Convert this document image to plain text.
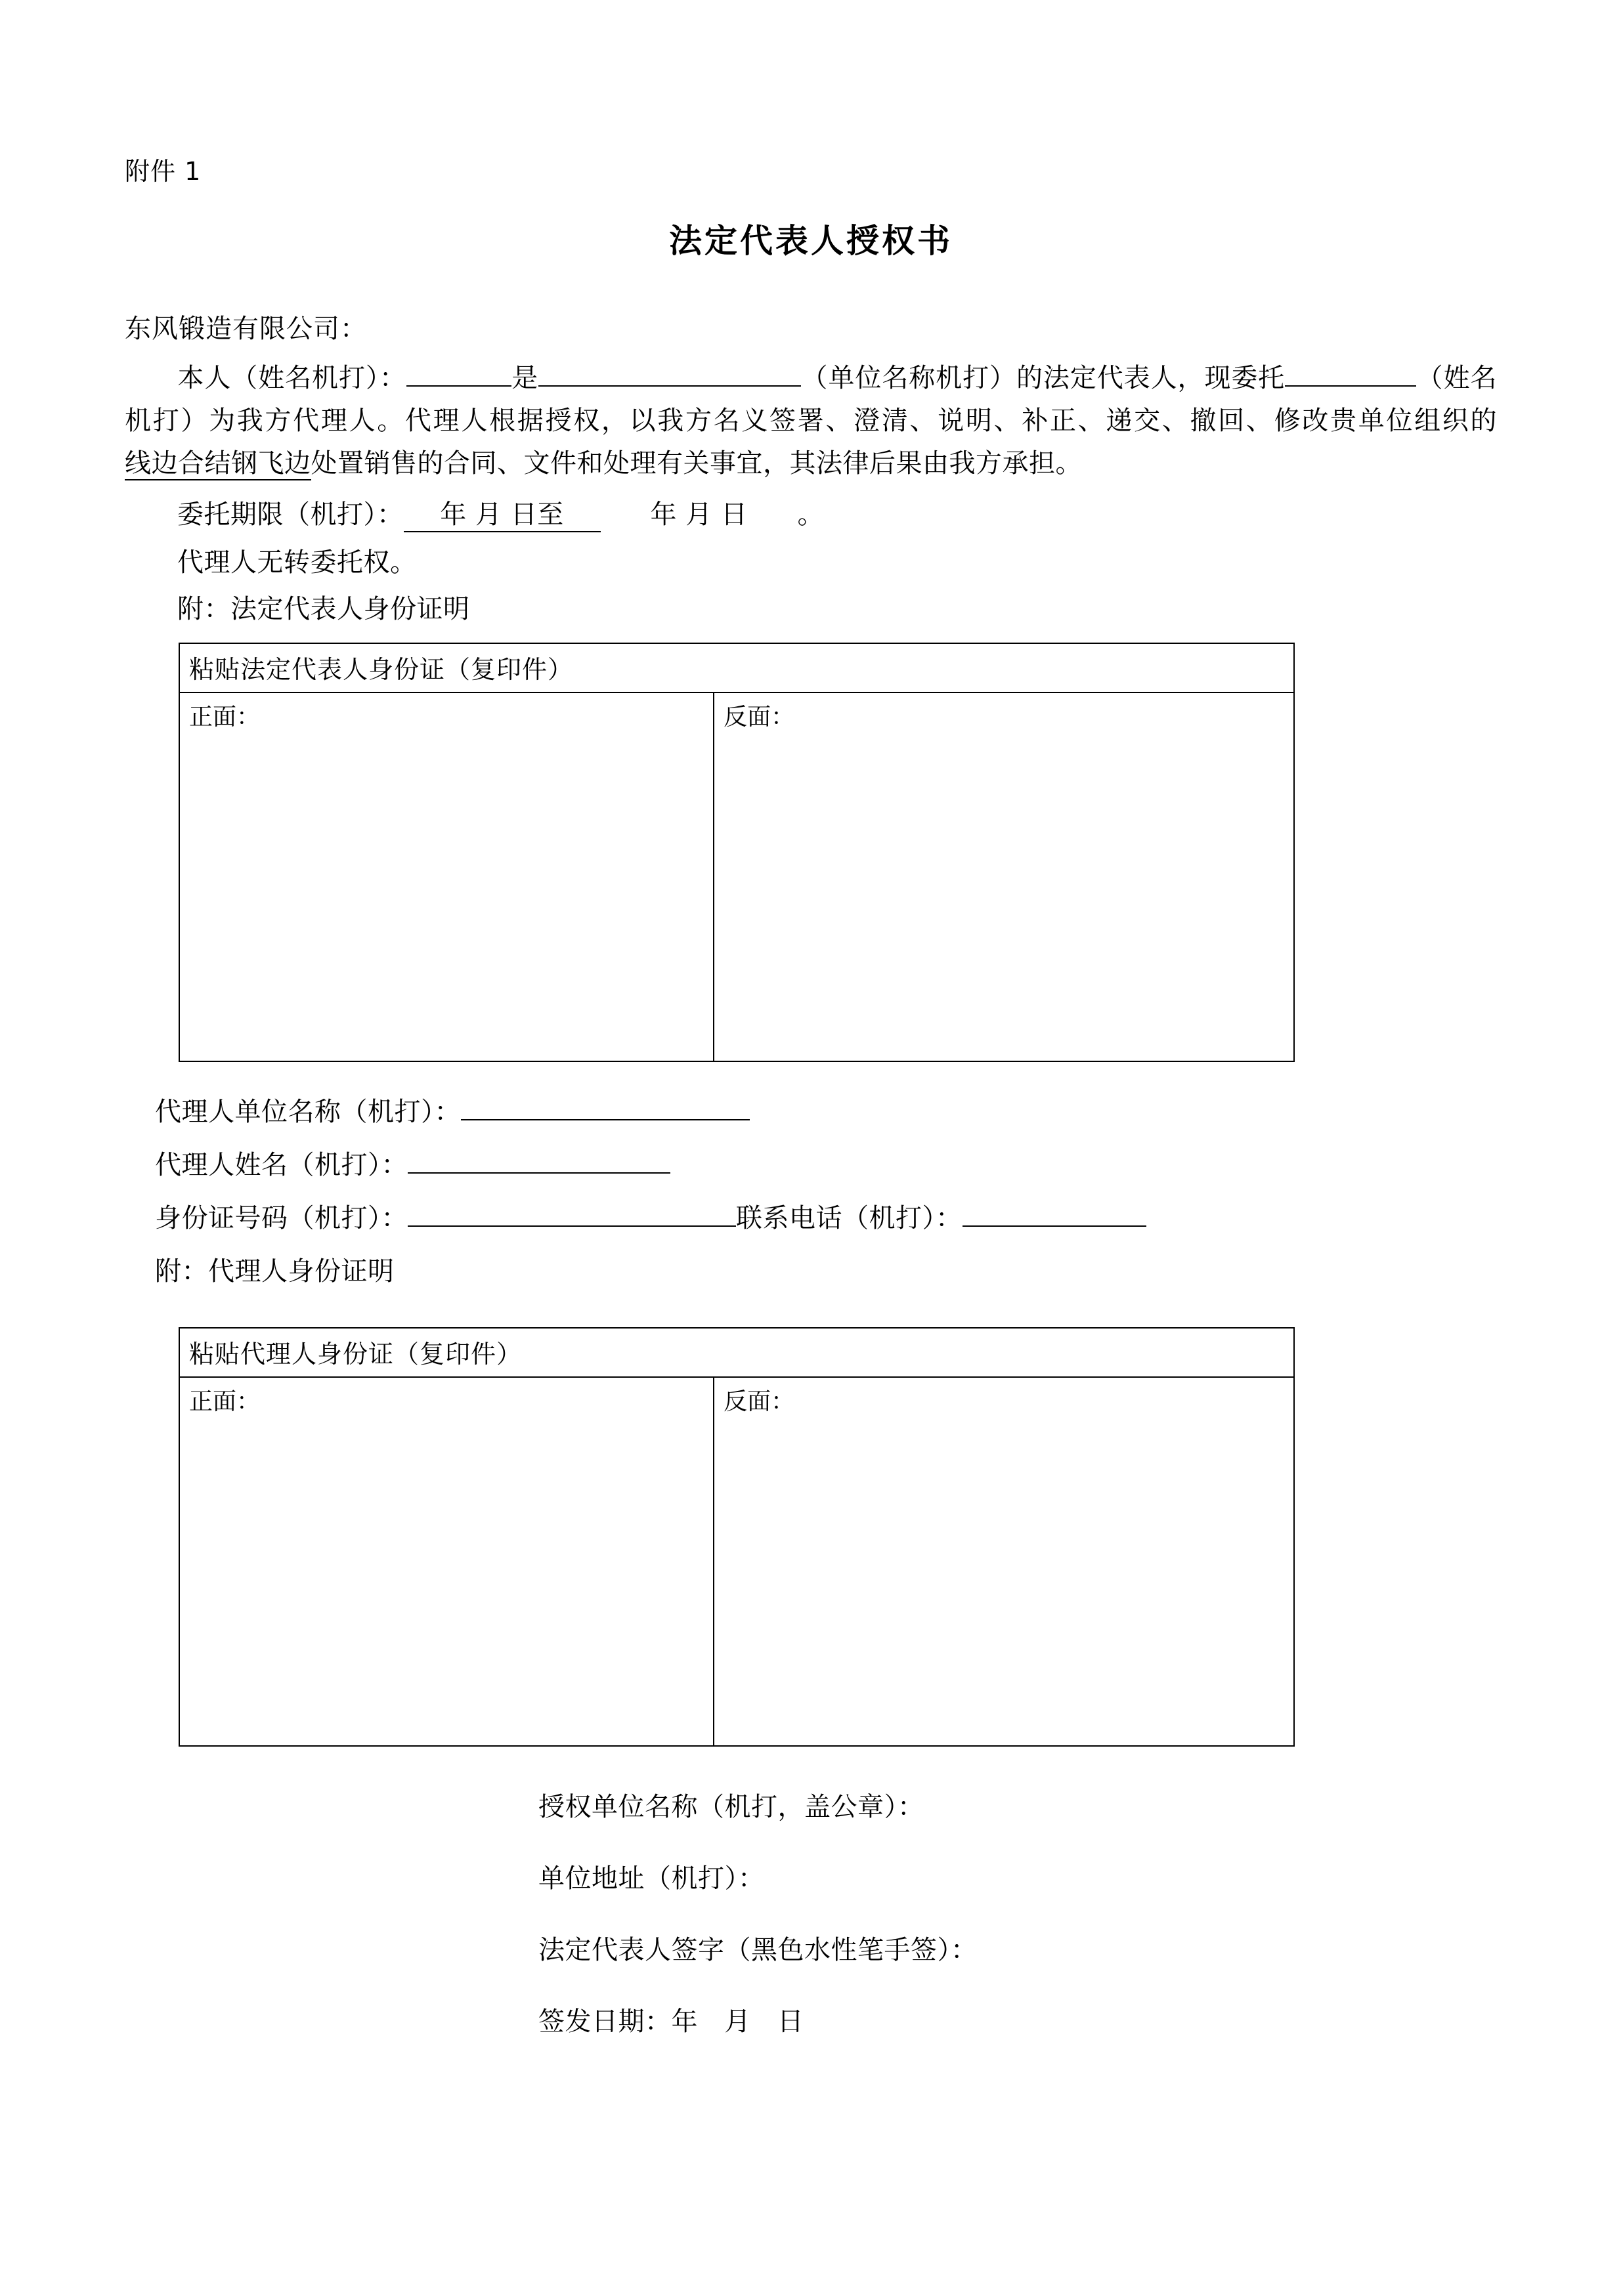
附件 1
法定代表人授权书
东风锻造有限公司：
本人（姓名机打）：	是	（单位名称机打）的法定代表人，现委托	（姓名机打）为我方代理人。代理人根据授权，以我方名义签署、澄清、说明、补正、递交、撤回、修改贵单位组织的线边合结钢飞边处置销售的合同、文件和处理有关事宜，其法律后果由我方承担。
委托期限（机打）： 年 月 日至	年 月 日 。
代理人无转委托权。
附：法定代表人身份证明
粘贴法定代表人身份证（复印件）
正面：	反面：
代理人单位名称（机打）：
代理人姓名（机打）：
身份证号码（机打）：	联系电话（机打）：
附：代理人身份证明
粘贴代理人身份证（复印件）
正面：	反面：
授权单位名称（机打，盖公章）：
单位地址（机打）：
法定代表人签字（黑色水性笔手签）：
签发日期：年 月 日
